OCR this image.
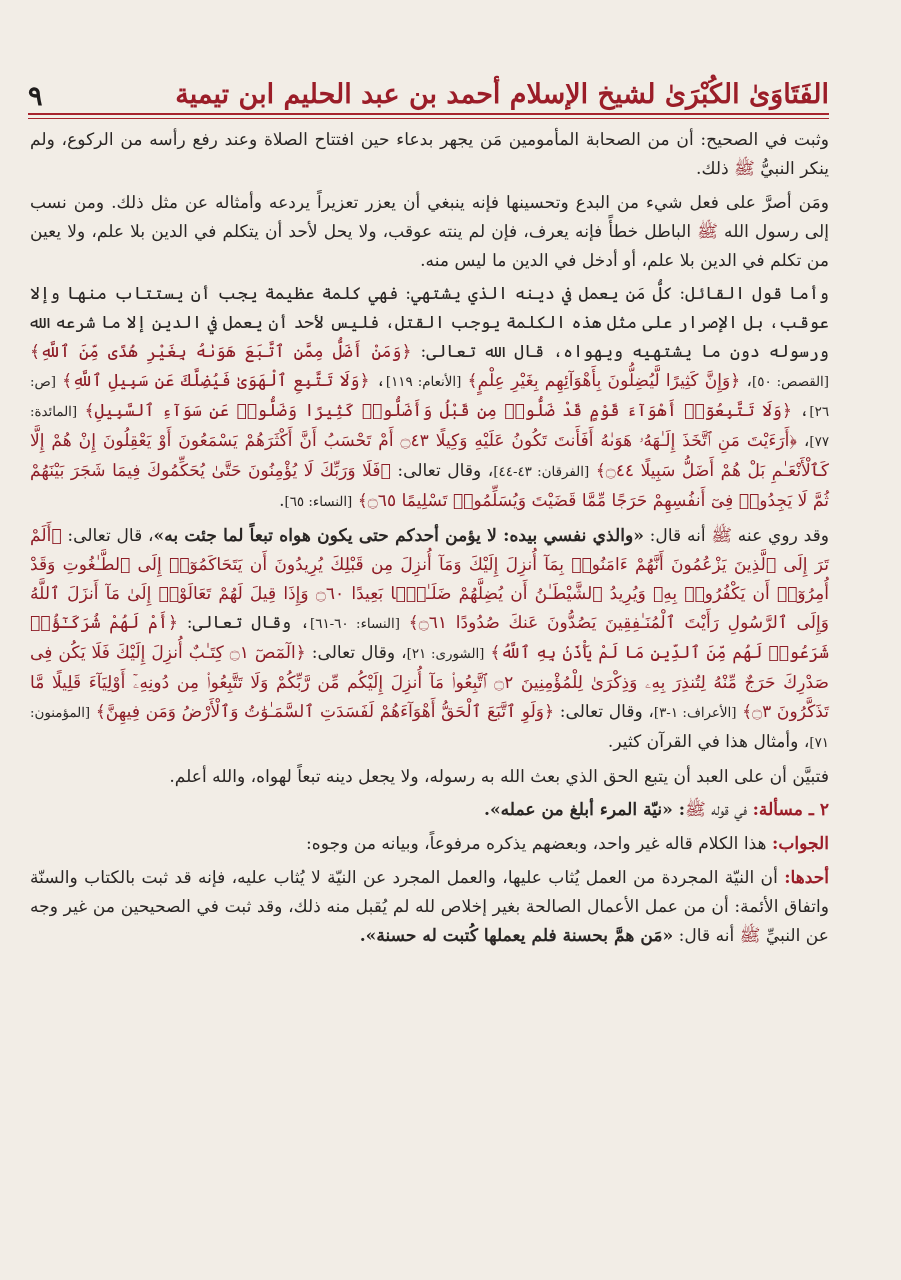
الفَتَاوَىٰ الكُبْرَىٰ لشيخ الإسلام أحمد بن عبد الحليم ابن تيمية
٩

وثبت في الصحيح: أن من الصحابة المأمومين مَن يجهر بدعاء حين افتتاح الصلاة وعند رفع رأسه من الركوع، ولم ينكر النبيُّ ﷺ ذلك.

ومَن أصرَّ على فعل شيء من البدع وتحسينها فإنه ينبغي أن يعزر تعزيراً يردعه وأمثاله عن مثل ذلك. ومن نسب إلى رسول الله ﷺ الباطل خطأً فإنه يعرف، فإن لم ينته عوقب، ولا يحل لأحد أن يتكلم في الدين بلا علم، ولا يعين من تكلم في الدين بلا علم، أو أدخل في الدين ما ليس منه.

وأما قول القائل: كلُّ مَن يعمل في دينه الذي يشتهي: فهي كلمة عظيمة يجب أن يستتاب منها وإلا عوقب، بل الإصرار على مثل هذه الكلمة يوجب القتل، فليس لأحد أن يعمل في الدين إلا ما شرعه الله ورسوله دون ما يشتهيه ويهواه، قال الله تعالى: ﴿وَمَنْ أَضَلُّ مِمَّنِ ٱتَّبَعَ هَوَىٰهُ بِغَيْرِ هُدًى مِّنَ ٱللَّهِ﴾ [القصص: ٥٠]، ﴿وَإِنَّ كَثِيرًا لَّيُضِلُّونَ بِأَهْوَآئِهِم بِغَيْرِ عِلْمٍ﴾ [الأنعام: ١١٩]، ﴿وَلَا تَتَّبِعِ ٱلْهَوَىٰ فَيُضِلَّكَ عَن سَبِيلِ ٱللَّهِ﴾ [ص: ٢٦]، ﴿وَلَا تَتَّبِعُوٓا۟ أَهْوَآءَ قَوْمٍ قَدْ ضَلُّوا۟ مِن قَبْلُ وَأَضَلُّوا۟ كَثِيرًا وَضَلُّوا۟ عَن سَوَآءِ ٱلسَّبِيلِ﴾ [المائدة: ٧٧]، ﴿أَرَءَيْتَ مَنِ ٱتَّخَذَ إِلَـٰهَهُۥ هَوَىٰهُ أَفَأَنتَ تَكُونُ عَلَيْهِ وَكِيلًا ۝٤٣ أَمْ تَحْسَبُ أَنَّ أَكْثَرَهُمْ يَسْمَعُونَ أَوْ يَعْقِلُونَ إِنْ هُمْ إِلَّا كَٱلْأَنْعَـٰمِ بَلْ هُمْ أَضَلُّ سَبِيلًا ۝٤٤﴾ [الفرقان: ٤٣-٤٤]، وقال تعالى: ﴿فَلَا وَرَبِّكَ لَا يُؤْمِنُونَ حَتَّىٰ يُحَكِّمُوكَ فِيمَا شَجَرَ بَيْنَهُمْ ثُمَّ لَا يَجِدُوا۟ فِىٓ أَنفُسِهِمْ حَرَجًا مِّمَّا قَضَيْتَ وَيُسَلِّمُوا۟ تَسْلِيمًا ۝٦٥﴾ [النساء: ٦٥].

وقد روي عنه ﷺ أنه قال: «والذي نفسي بيده: لا يؤمن أحدكم حتى يكون هواه تبعاً لما جئت به»، قال تعالى: ﴿أَلَمْ تَرَ إِلَى ٱلَّذِينَ يَزْعُمُونَ أَنَّهُمْ ءَامَنُوا۟ بِمَآ أُنزِلَ إِلَيْكَ وَمَآ أُنزِلَ مِن قَبْلِكَ يُرِيدُونَ أَن يَتَحَاكَمُوٓا۟ إِلَى ٱلطَّـٰغُوتِ وَقَدْ أُمِرُوٓا۟ أَن يَكْفُرُوا۟ بِهِۦ وَيُرِيدُ ٱلشَّيْطَـٰنُ أَن يُضِلَّهُمْ ضَلَـٰلًۢا بَعِيدًا ۝٦٠ وَإِذَا قِيلَ لَهُمْ تَعَالَوْا۟ إِلَىٰ مَآ أَنزَلَ ٱللَّهُ وَإِلَى ٱلرَّسُولِ رَأَيْتَ ٱلْمُنَـٰفِقِينَ يَصُدُّونَ عَنكَ صُدُودًا ۝٦١﴾ [النساء: ٦٠-٦١]، وقال تعالى: ﴿أَمْ لَهُمْ شُرَكَـٰٓؤُا۟ شَرَعُوا۟ لَهُم مِّنَ ٱلدِّينِ مَا لَمْ يَأْذَنۢ بِهِ ٱللَّهُ﴾ [الشورى: ٢١]، وقال تعالى: ﴿الٓمٓصٓ ۝١ كِتَـٰبٌ أُنزِلَ إِلَيْكَ فَلَا يَكُن فِى صَدْرِكَ حَرَجٌ مِّنْهُ لِتُنذِرَ بِهِۦ وَذِكْرَىٰ لِلْمُؤْمِنِينَ ۝٢ ٱتَّبِعُوا۟ مَآ أُنزِلَ إِلَيْكُم مِّن رَّبِّكُمْ وَلَا تَتَّبِعُوا۟ مِن دُونِهِۦٓ أَوْلِيَآءَ قَلِيلًا مَّا تَذَكَّرُونَ ۝٣﴾ [الأعراف: ١-٣]، وقال تعالى: ﴿وَلَوِ ٱتَّبَعَ ٱلْحَقُّ أَهْوَآءَهُمْ لَفَسَدَتِ ٱلسَّمَـٰوَٰتُ وَٱلْأَرْضُ وَمَن فِيهِنَّ﴾ [المؤمنون: ٧١]، وأمثال هذا في القرآن كثير.

فتبيَّن أن على العبد أن يتبع الحق الذي بعث الله به رسوله، ولا يجعل دينه تبعاً لهواه، والله أعلم.

٢ ـ مسألة: في قوله ﷺ: «نيّة المرء أبلغ من عمله».

الجواب: هذا الكلام قاله غير واحد، وبعضهم يذكره مرفوعاً، وبيانه من وجوه:

أحدها: أن النيّة المجردة من العمل يُثاب عليها، والعمل المجرد عن النيّة لا يُثاب عليه، فإنه قد ثبت بالكتاب والسنّة واتفاق الأئمة: أن من عمل الأعمال الصالحة بغير إخلاص لله لم يُقبل منه ذلك، وقد ثبت في الصحيحين من غير وجه عن النبيِّ ﷺ أنه قال: «مَن همَّ بحسنة فلم يعملها كُتبت له حسنة».
